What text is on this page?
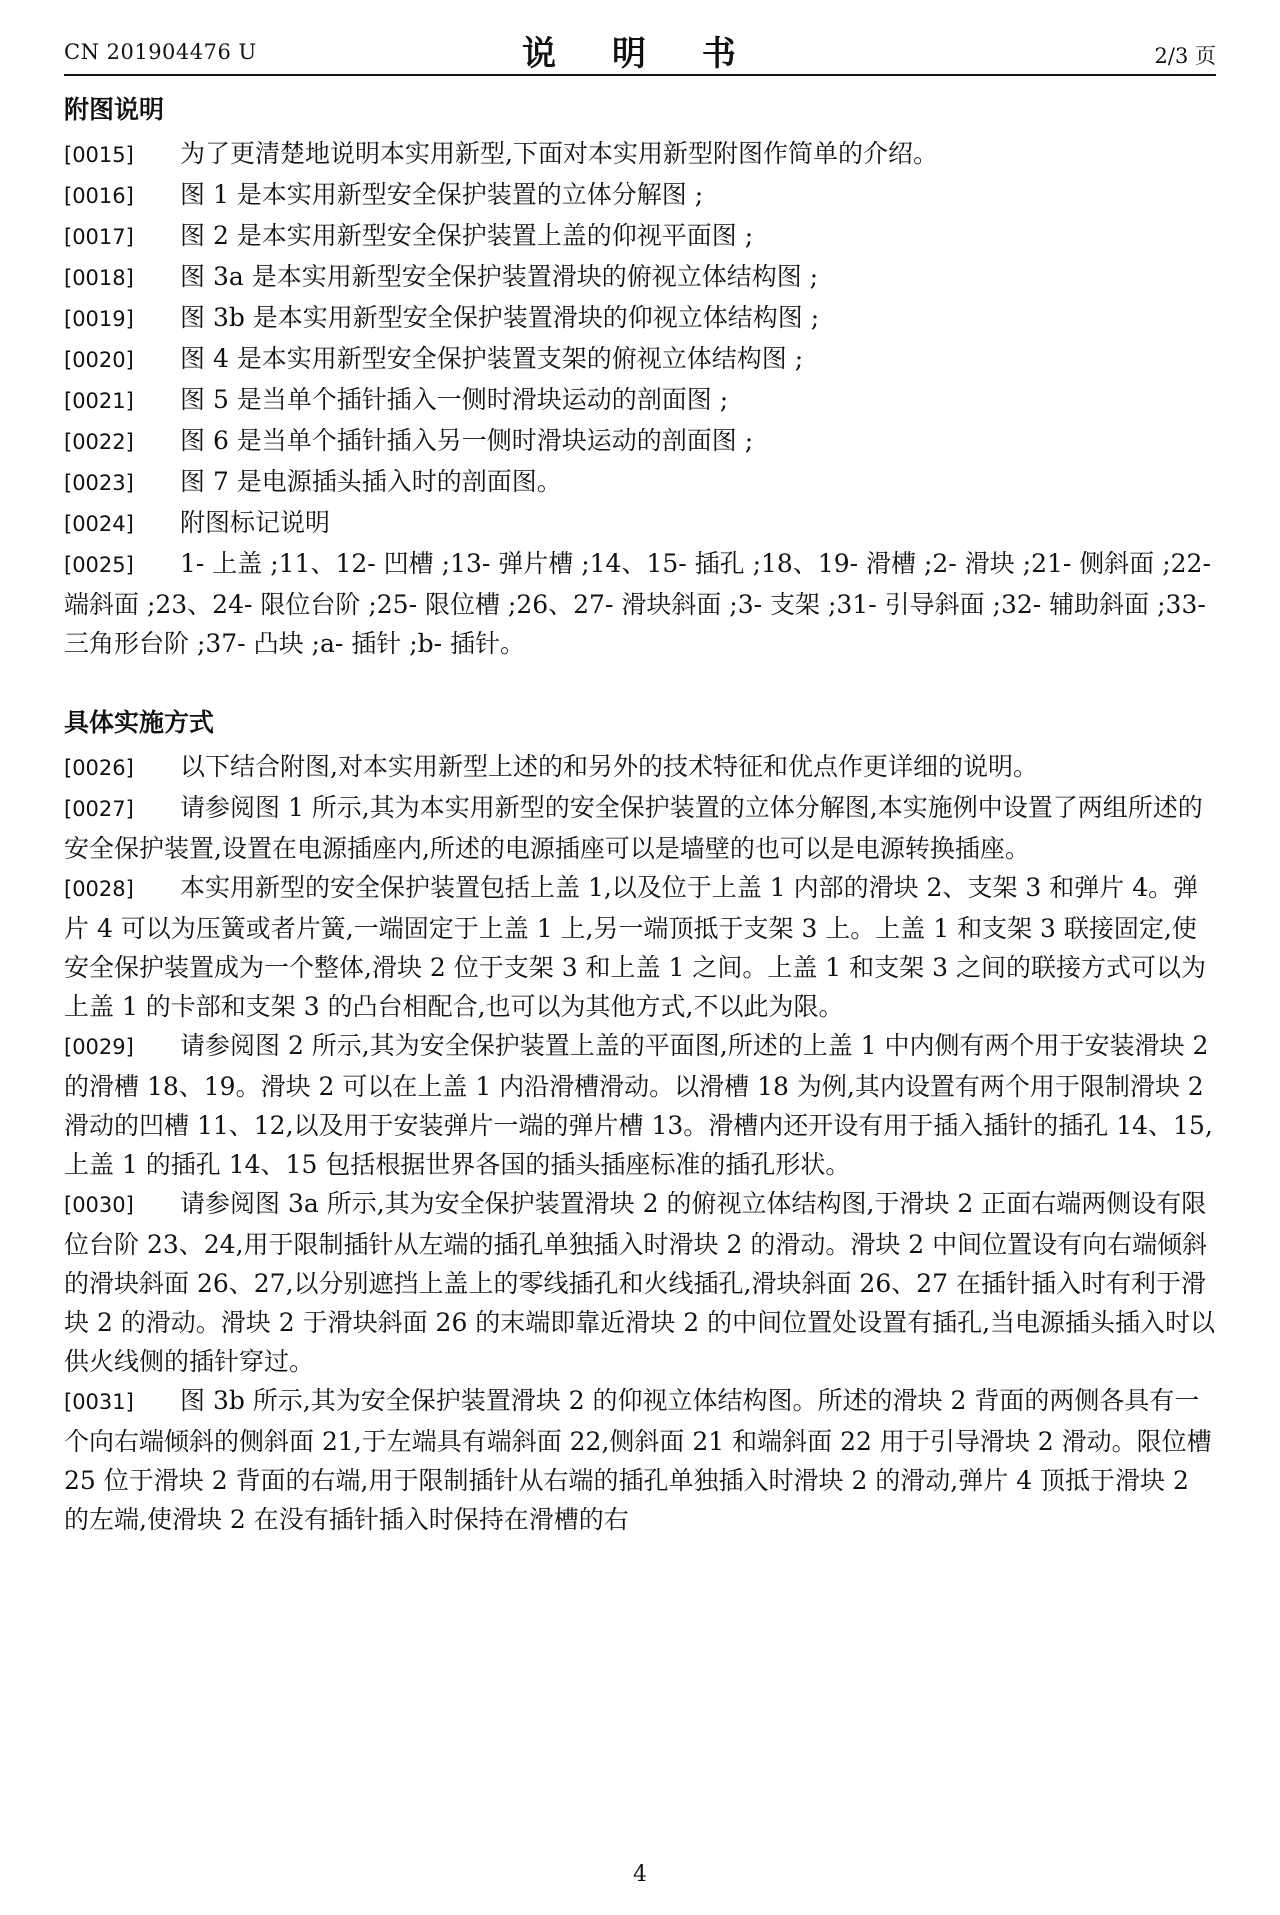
CN 201904476 U	说 明 书	2/3 页
附图说明
[0015] 为了更清楚地说明本实用新型,下面对本实用新型附图作简单的介绍。
[0016] 图 1 是本实用新型安全保护装置的立体分解图 ;
[0017] 图 2 是本实用新型安全保护装置上盖的仰视平面图 ;
[0018] 图 3a 是本实用新型安全保护装置滑块的俯视立体结构图 ;
[0019] 图 3b 是本实用新型安全保护装置滑块的仰视立体结构图 ;
[0020] 图 4 是本实用新型安全保护装置支架的俯视立体结构图 ;
[0021] 图 5 是当单个插针插入一侧时滑块运动的剖面图 ;
[0022] 图 6 是当单个插针插入另一侧时滑块运动的剖面图 ;
[0023] 图 7 是电源插头插入时的剖面图。
[0024] 附图标记说明
[0025] 1- 上盖 ;11、12- 凹槽 ;13- 弹片槽 ;14、15- 插孔 ;18、19- 滑槽 ;2- 滑块 ;21- 侧斜面 ;22- 端斜面 ;23、24- 限位台阶 ;25- 限位槽 ;26、27- 滑块斜面 ;3- 支架 ;31- 引导斜面 ;32- 辅助斜面 ;33- 三角形台阶 ;37- 凸块 ;a- 插针 ;b- 插针。
具体实施方式
[0026] 以下结合附图,对本实用新型上述的和另外的技术特征和优点作更详细的说明。
[0027] 请参阅图 1 所示,其为本实用新型的安全保护装置的立体分解图,本实施例中设置了两组所述的安全保护装置,设置在电源插座内,所述的电源插座可以是墙壁的也可以是电源转换插座。
[0028] 本实用新型的安全保护装置包括上盖 1,以及位于上盖 1 内部的滑块 2、支架 3 和弹片 4。弹片 4 可以为压簧或者片簧,一端固定于上盖 1 上,另一端顶抵于支架 3 上。上盖 1 和支架 3 联接固定,使安全保护装置成为一个整体,滑块 2 位于支架 3 和上盖 1 之间。上盖 1 和支架 3 之间的联接方式可以为上盖 1 的卡部和支架 3 的凸台相配合,也可以为其他方式,不以此为限。
[0029] 请参阅图 2 所示,其为安全保护装置上盖的平面图,所述的上盖 1 中内侧有两个用于安装滑块 2 的滑槽 18、19。滑块 2 可以在上盖 1 内沿滑槽滑动。以滑槽 18 为例,其内设置有两个用于限制滑块 2 滑动的凹槽 11、12,以及用于安装弹片一端的弹片槽 13。滑槽内还开设有用于插入插针的插孔 14、15,上盖 1 的插孔 14、15 包括根据世界各国的插头插座标准的插孔形状。
[0030] 请参阅图 3a 所示,其为安全保护装置滑块 2 的俯视立体结构图,于滑块 2 正面右端两侧设有限位台阶 23、24,用于限制插针从左端的插孔单独插入时滑块 2 的滑动。滑块 2 中间位置设有向右端倾斜的滑块斜面 26、27,以分别遮挡上盖上的零线插孔和火线插孔,滑块斜面 26、27 在插针插入时有利于滑块 2 的滑动。滑块 2 于滑块斜面 26 的末端即靠近滑块 2 的中间位置处设置有插孔,当电源插头插入时以供火线侧的插针穿过。
[0031] 图 3b 所示,其为安全保护装置滑块 2 的仰视立体结构图。所述的滑块 2 背面的两侧各具有一个向右端倾斜的侧斜面 21,于左端具有端斜面 22,侧斜面 21 和端斜面 22 用于引导滑块 2 滑动。限位槽 25 位于滑块 2 背面的右端,用于限制插针从右端的插孔单独插入时滑块 2 的滑动,弹片 4 顶抵于滑块 2 的左端,使滑块 2 在没有插针插入时保持在滑槽的右
4
